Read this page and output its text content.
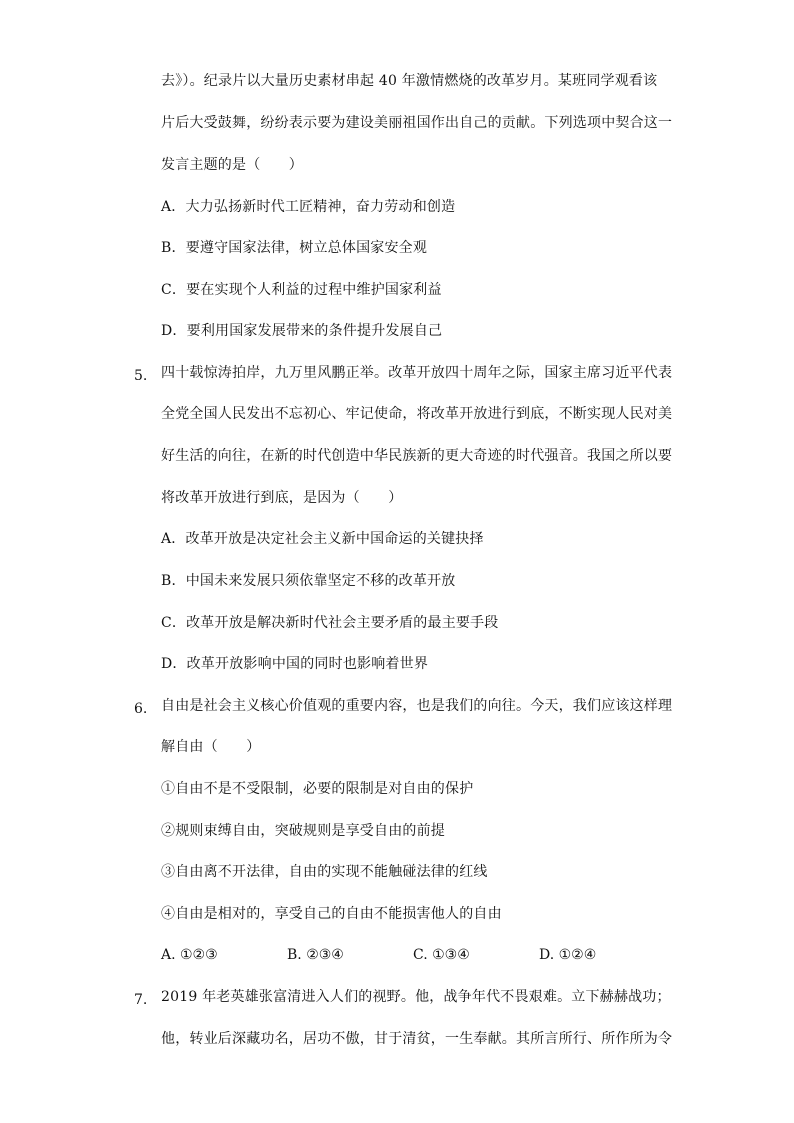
去》）。纪录片以大量历史素材串起 40 年激情燃烧的改革岁月。某班同学观看该
片后大受鼓舞，纷纷表示要为建设美丽祖国作出自己的贡献。下列选项中契合这一
发言主题的是（　　）
A．大力弘扬新时代工匠精神，奋力劳动和创造
B．要遵守国家法律，树立总体国家安全观
C．要在实现个人利益的过程中维护国家利益
D．要利用国家发展带来的条件提升发展自己
5. 四十载惊涛拍岸，九万里风鹏正举。改革开放四十周年之际，国家主席习近平代表
全党全国人民发出不忘初心、牢记使命，将改革开放进行到底，不断实现人民对美
好生活的向往，在新的时代创造中华民族新的更大奇迹的时代强音。我国之所以要
将改革开放进行到底，是因为（　　）
A．改革开放是决定社会主义新中国命运的关键抉择
B．中国未来发展只须依靠坚定不移的改革开放
C．改革开放是解决新时代社会主要矛盾的最主要手段
D．改革开放影响中国的同时也影响着世界
6. 自由是社会主义核心价值观的重要内容，也是我们的向往。今天，我们应该这样理
解自由（　　）
①自由不是不受限制，必要的限制是对自由的保护
②规则束缚自由，突破规则是享受自由的前提
③自由离不开法律，自由的实现不能触碰法律的红线
④自由是相对的，享受自己的自由不能损害他人的自由
A. ①②③	B. ②③④	C. ①③④	D. ①②④
7. 2019 年老英雄张富清进入人们的视野。他，战争年代不畏艰难。立下赫赫战功；
他，转业后深藏功名，居功不傲，甘于清贫，一生奉献。其所言所行、所作所为令
